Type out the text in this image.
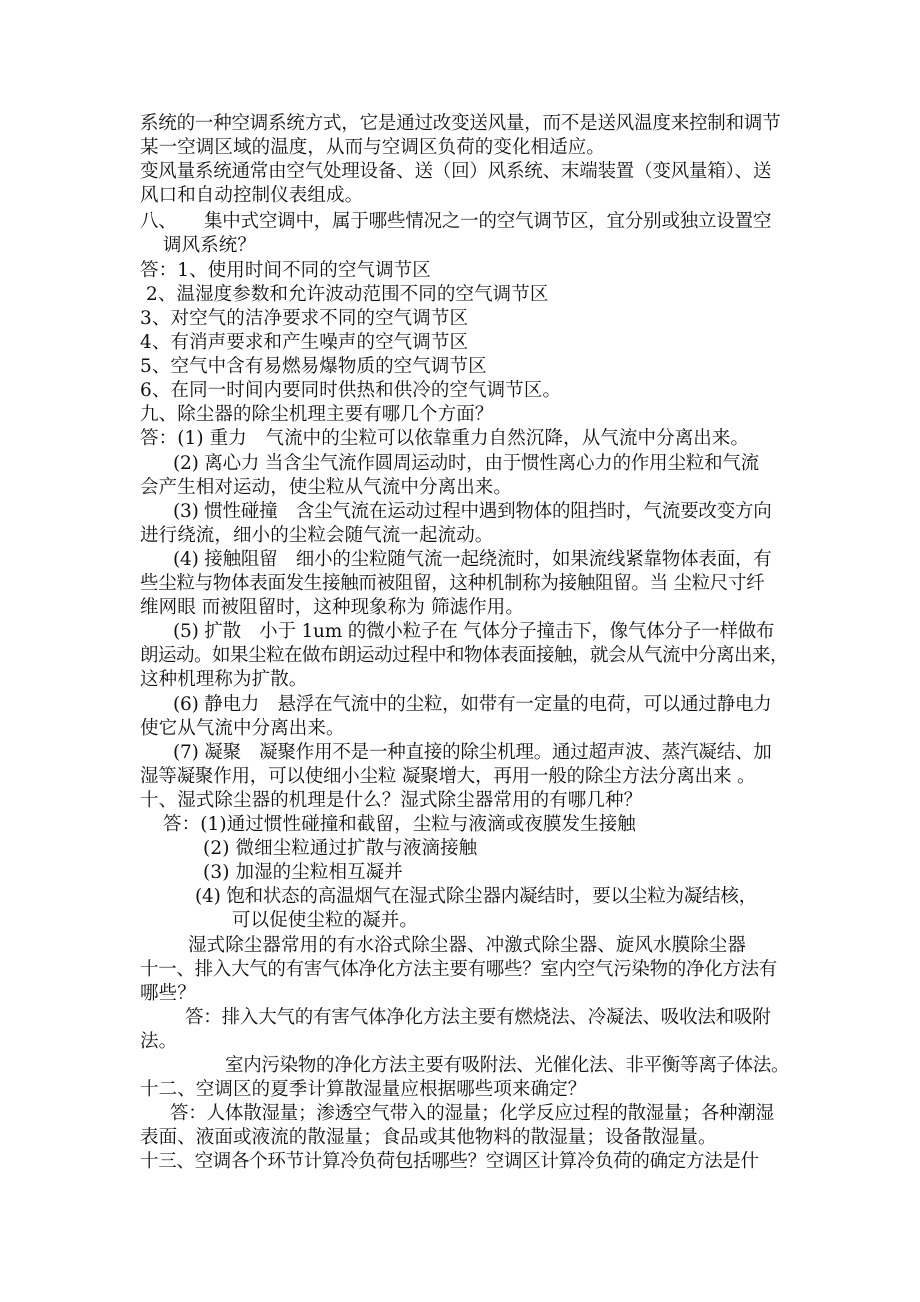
系统的一种空调系统方式，它是通过改变送风量，而不是送风温度来控制和调节

某一空调区域的温度，从而与空调区负荷的变化相适应。

变风量系统通常由空气处理设备、送（回）风系统、末端装置（变风量箱）、送

风口和自动控制仪表组成。

八、　　集中式空调中，属于哪些情况之一的空气调节区，宜分别或独立设置空

调风系统？

答：1、使用时间不同的空气调节区

2、温湿度参数和允许波动范围不同的空气调节区

3、对空气的洁净要求不同的空气调节区

4、有消声要求和产生噪声的空气调节区

5、空气中含有易燃易爆物质的空气调节区

6、在同一时间内要同时供热和供冷的空气调节区。

九、除尘器的除尘机理主要有哪几个方面？

答：(1) 重力　气流中的尘粒可以依靠重力自然沉降，从气流中分离出来。

(2) 离心力 当含尘气流作圆周运动时，由于惯性离心力的作用尘粒和气流

会产生相对运动，使尘粒从气流中分离出来。

(3) 惯性碰撞　含尘气流在运动过程中遇到物体的阻挡时，气流要改变方向

进行绕流，细小的尘粒会随气流一起流动。

(4) 接触阻留　细小的尘粒随气流一起绕流时，如果流线紧靠物体表面，有

些尘粒与物体表面发生接触而被阻留，这种机制称为接触阻留。当 尘粒尺寸纤

维网眼 而被阻留时，这种现象称为 筛滤作用。

(5) 扩散　小于 1um 的微小粒子在 气体分子撞击下，像气体分子一样做布

朗运动。如果尘粒在做布朗运动过程中和物体表面接触，就会从气流中分离出来，

这种机理称为扩散。

(6) 静电力　悬浮在气流中的尘粒，如带有一定量的电荷，可以通过静电力

使它从气流中分离出来。

(7) 凝聚　凝聚作用不是一种直接的除尘机理。通过超声波、蒸汽凝结、加

湿等凝聚作用，可以使细小尘粒 凝聚增大，再用一般的除尘方法分离出来 。

十、湿式除尘器的机理是什么？湿式除尘器常用的有哪几种？

答：(1)通过惯性碰撞和截留，尘粒与液滴或夜膜发生接触

(2) 微细尘粒通过扩散与液滴接触

(3) 加湿的尘粒相互凝并

(4) 饱和状态的高温烟气在湿式除尘器内凝结时，要以尘粒为凝结核，

可以促使尘粒的凝并。

湿式除尘器常用的有水浴式除尘器、冲激式除尘器、旋风水膜除尘器

十一、排入大气的有害气体净化方法主要有哪些？室内空气污染物的净化方法有

哪些？

答：排入大气的有害气体净化方法主要有燃烧法、冷凝法、吸收法和吸附

法。

室内污染物的净化方法主要有吸附法、光催化法、非平衡等离子体法。

十二、空调区的夏季计算散湿量应根据哪些项来确定？

答：人体散湿量；渗透空气带入的湿量；化学反应过程的散湿量；各种潮湿

表面、液面或液流的散湿量；食品或其他物料的散湿量；设备散湿量。

十三、空调各个环节计算冷负荷包括哪些？空调区计算冷负荷的确定方法是什
